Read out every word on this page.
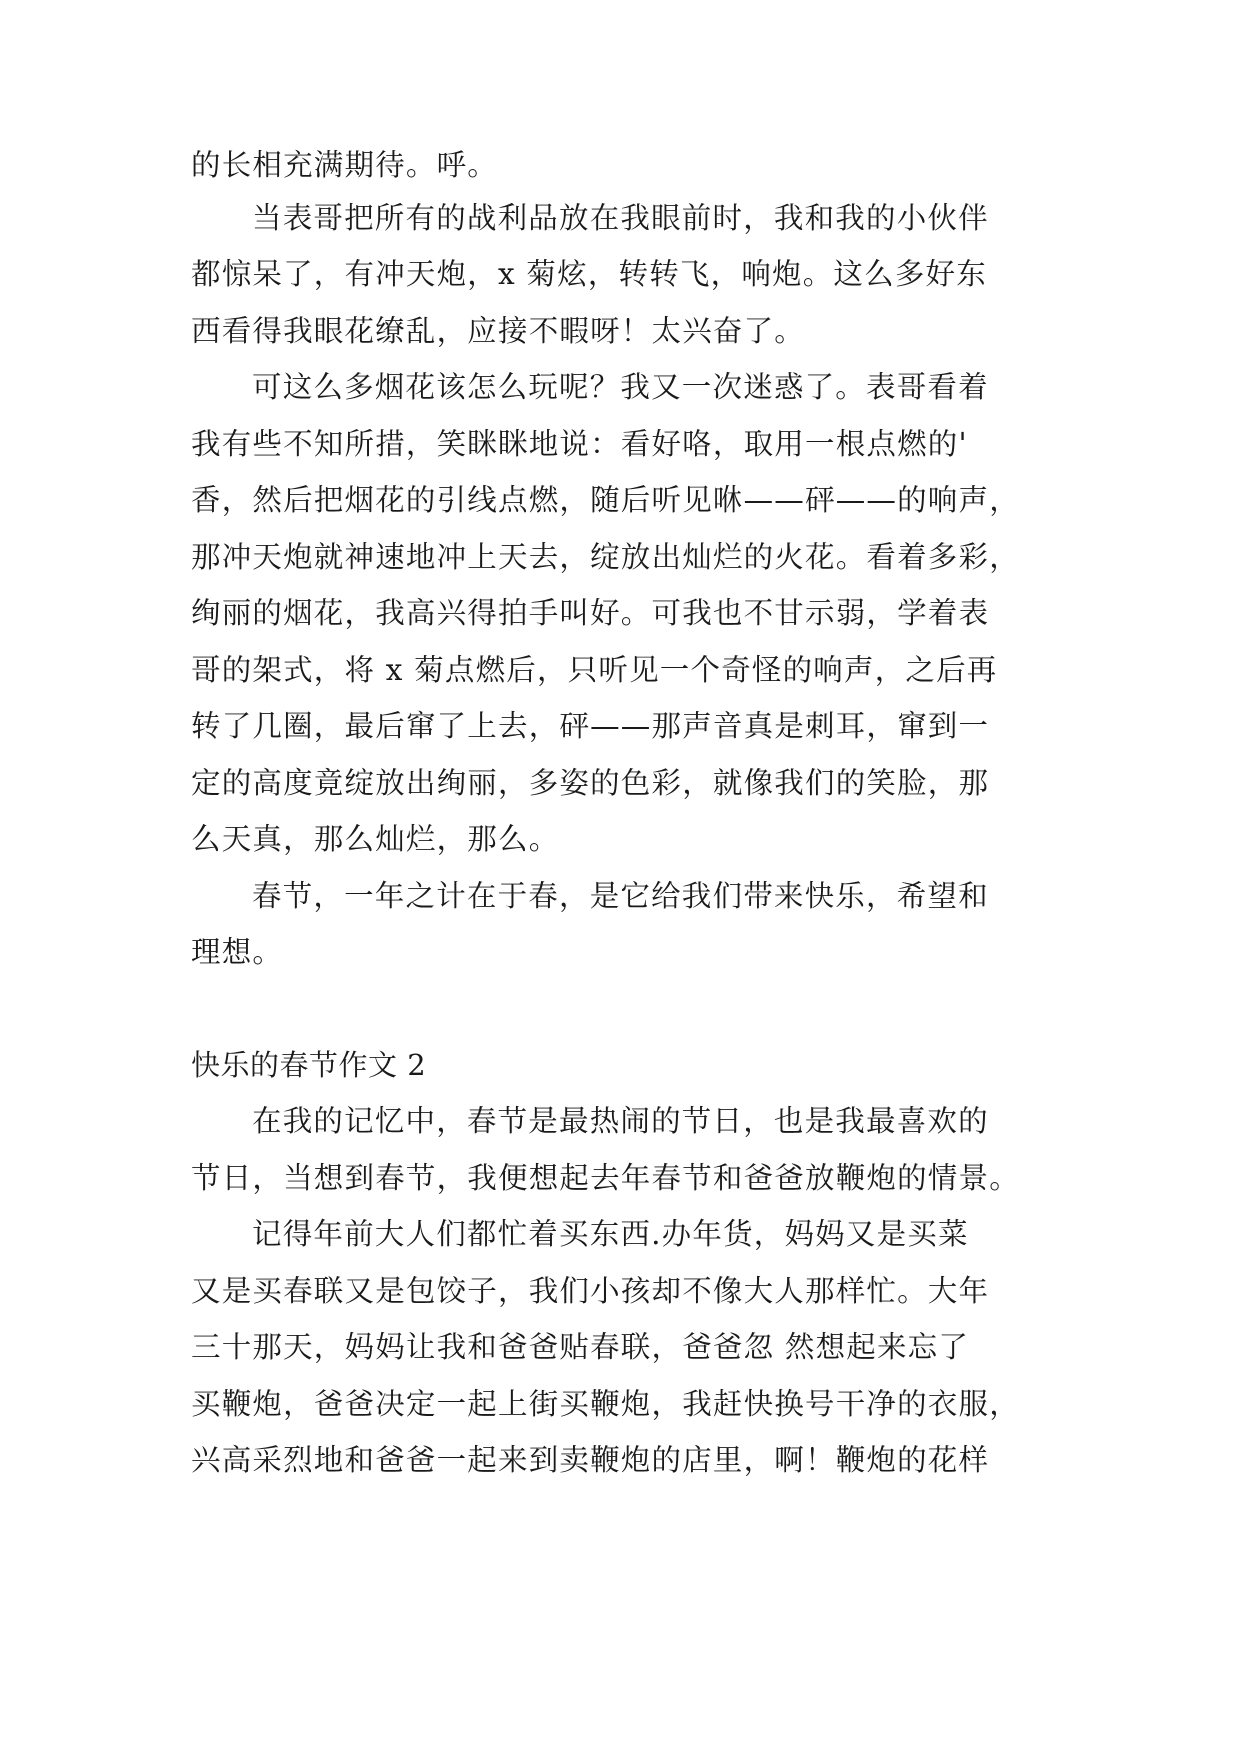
的长相充满期待。呼。
当表哥把所有的战利品放在我眼前时，我和我的小伙伴
都惊呆了，有冲天炮，x 菊炫，转转飞，响炮。这么多好东
西看得我眼花缭乱，应接不暇呀！太兴奋了。
可这么多烟花该怎么玩呢？我又一次迷惑了。表哥看着
我有些不知所措，笑眯眯地说：看好咯，取用一根点燃的'
香，然后把烟花的引线点燃，随后听见咻——砰——的响声，
那冲天炮就神速地冲上天去，绽放出灿烂的火花。看着多彩，
绚丽的烟花，我高兴得拍手叫好。可我也不甘示弱，学着表
哥的架式，将 x 菊点燃后，只听见一个奇怪的响声，之后再
转了几圈，最后窜了上去，砰——那声音真是刺耳，窜到一
定的高度竟绽放出绚丽，多姿的色彩，就像我们的笑脸，那
么天真，那么灿烂，那么。
春节，一年之计在于春，是它给我们带来快乐，希望和
理想。
快乐的春节作文 2
在我的记忆中，春节是最热闹的节日，也是我最喜欢的
节日，当想到春节，我便想起去年春节和爸爸放鞭炮的情景。
记得年前大人们都忙着买东西.办年货，妈妈又是买菜
又是买春联又是包饺子，我们小孩却不像大人那样忙。大年
三十那天，妈妈让我和爸爸贴春联，爸爸忽 然想起来忘了
买鞭炮，爸爸决定一起上街买鞭炮，我赶快换号干净的衣服，
兴高采烈地和爸爸一起来到卖鞭炮的店里，啊！鞭炮的花样
